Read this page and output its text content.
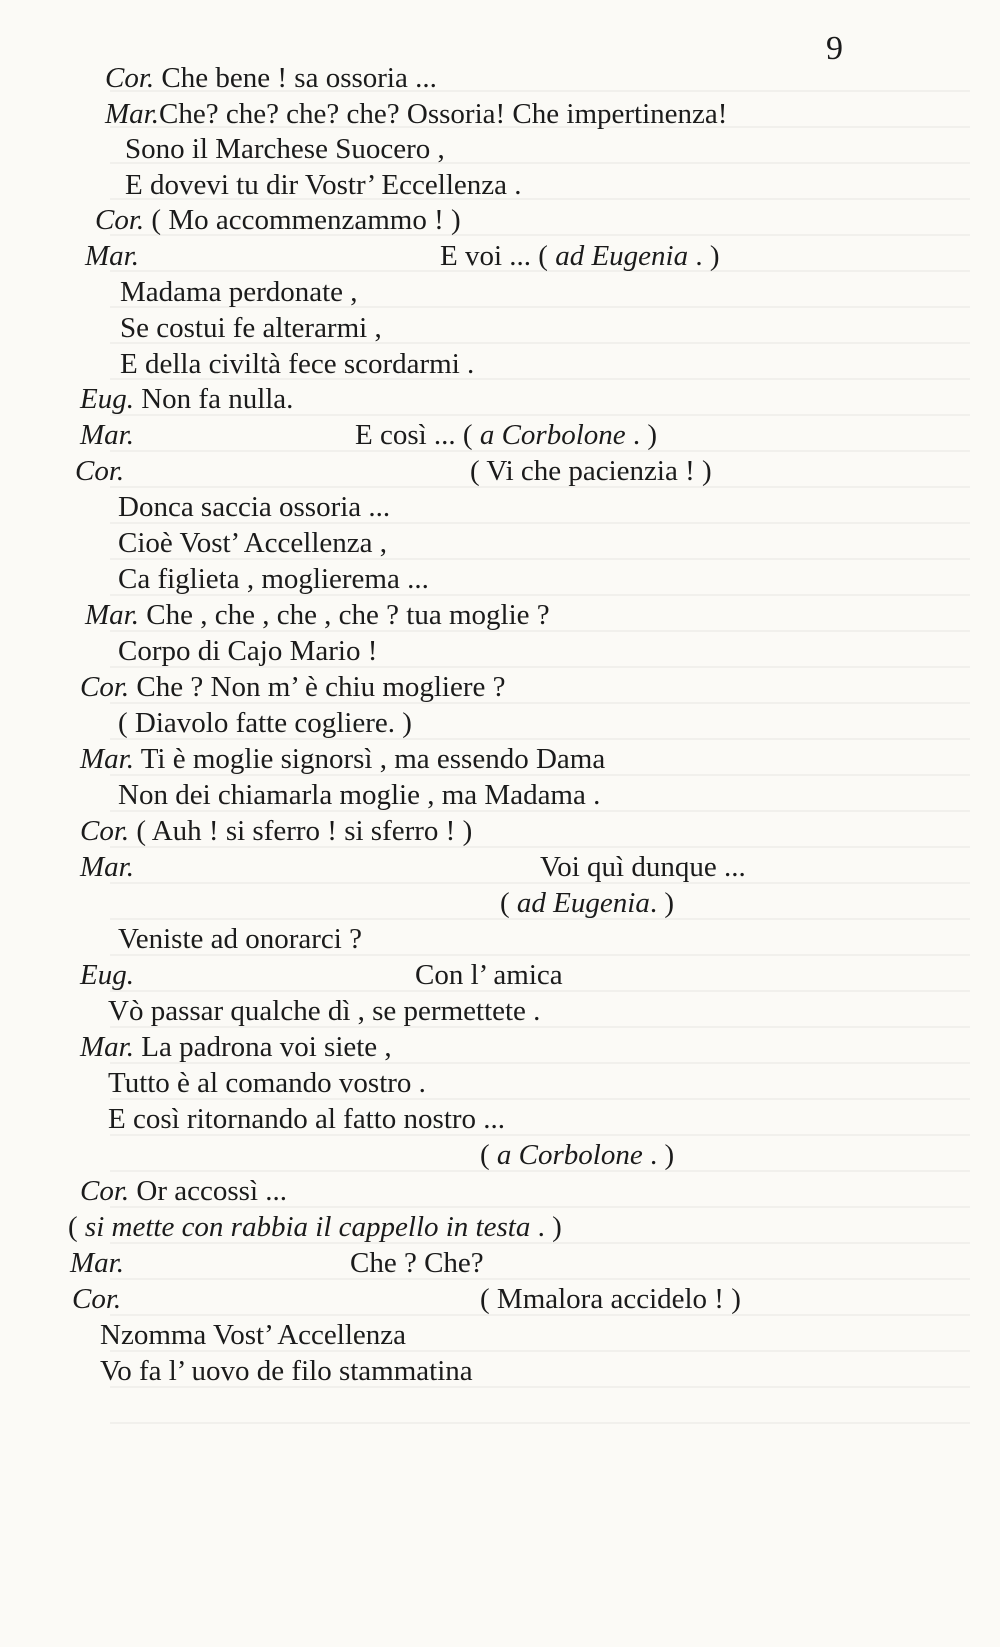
9
Cor. Che bene ! sa ossoria ...
Mar.Che? che? che? che? Ossoria! Che impertinenza!
Sono il Marchese Suocero ,
E dovevi tu dir Vostr’ Eccellenza .
Cor. ( Mo accommenzammo ! )
Mar.	E voi ... ( ad Eugenia . )
Madama perdonate ,
Se costui fe alterarmi ,
E della civiltà fece scordarmi .
Eug. Non fa nulla.
Mar.	E così ... ( a Corbolone . )
Cor.	( Vi che pacienzia ! )
Donca saccia ossoria ...
Cioè Vost’ Accellenza ,
Ca figlieta , moglierema ...
Mar. Che , che , che , che ? tua moglie ?
Corpo di Cajo Mario !
Cor. Che ? Non m’ è chiu mogliere ?
( Diavolo fatte cogliere. )
Mar. Ti è moglie signorsì , ma essendo Dama
Non dei chiamarla moglie , ma Madama .
Cor. ( Auh ! si sferro ! si sferro ! )
Mar.	Voi quì dunque ...
( ad Eugenia. )
Veniste ad onorarci ?
Eug.	Con l’ amica
Vò passar qualche dì , se permettete .
Mar. La padrona voi siete ,
Tutto è al comando vostro .
E così ritornando al fatto nostro ...
( a Corbolone . )
Cor. Or accossì ...
( si mette con rabbia il cappello in testa . )
Mar.	Che ? Che?
Cor.	( Mmalora accidelo ! )
Nzomma Vost’ Accellenza
Vo fa l’ uovo de filo stammatina
